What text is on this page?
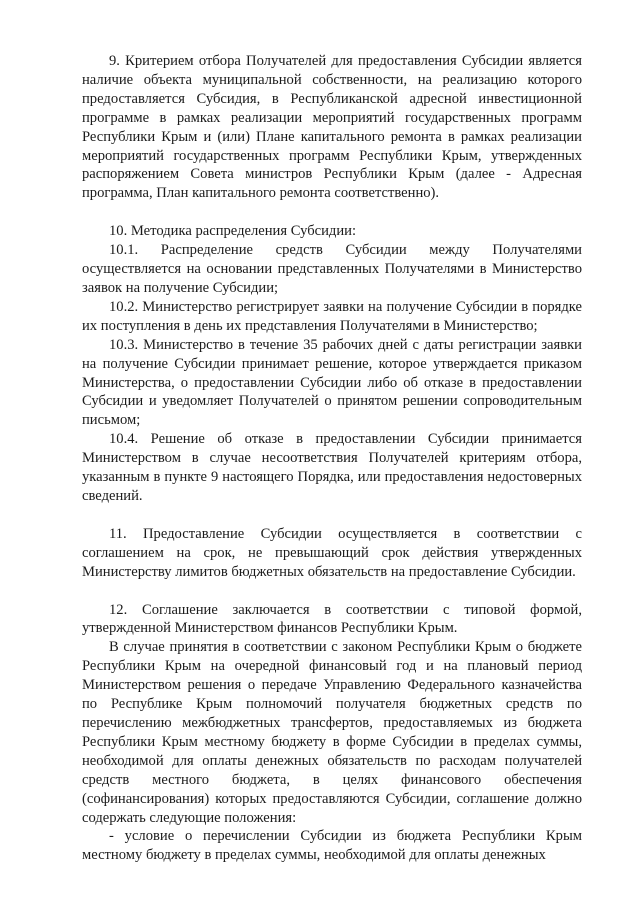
9. Критерием отбора Получателей для предоставления Субсидии является наличие объекта муниципальной собственности, на реализацию которого предоставляется Субсидия, в Республиканской адресной инвестиционной программе в рамках реализации мероприятий государственных программ Республики Крым и (или) Плане капитального ремонта в рамках реализации мероприятий государственных программ Республики Крым, утвержденных распоряжением Совета министров Республики Крым (далее - Адресная программа, План капитального ремонта соответственно).

10. Методика распределения Субсидии:

10.1. Распределение средств Субсидии между Получателями осуществляется на основании представленных Получателями в Министерство заявок на получение Субсидии;

10.2. Министерство регистрирует заявки на получение Субсидии в порядке их поступления в день их представления Получателями в Министерство;

10.3. Министерство в течение 35 рабочих дней с даты регистрации заявки на получение Субсидии принимает решение, которое утверждается приказом Министерства, о предоставлении Субсидии либо об отказе в предоставлении Субсидии и уведомляет Получателей о принятом решении сопроводительным письмом;

10.4. Решение об отказе в предоставлении Субсидии принимается Министерством в случае несоответствия Получателей критериям отбора, указанным в пункте 9 настоящего Порядка, или предоставления недостоверных сведений.

11. Предоставление Субсидии осуществляется в соответствии с соглашением на срок, не превышающий срок действия утвержденных Министерству лимитов бюджетных обязательств на предоставление Субсидии.

12. Соглашение заключается в соответствии с типовой формой, утвержденной Министерством финансов Республики Крым.

В случае принятия в соответствии с законом Республики Крым о бюджете Республики Крым на очередной финансовый год и на плановый период Министерством решения о передаче Управлению Федерального казначейства по Республике Крым полномочий получателя бюджетных средств по перечислению межбюджетных трансфертов, предоставляемых из бюджета Республики Крым местному бюджету в форме Субсидии в пределах суммы, необходимой для оплаты денежных обязательств по расходам получателей средств местного бюджета, в целях финансового обеспечения (софинансирования) которых предоставляются Субсидии, соглашение должно содержать следующие положения:

- условие о перечислении Субсидии из бюджета Республики Крым местному бюджету в пределах суммы, необходимой для оплаты денежных
